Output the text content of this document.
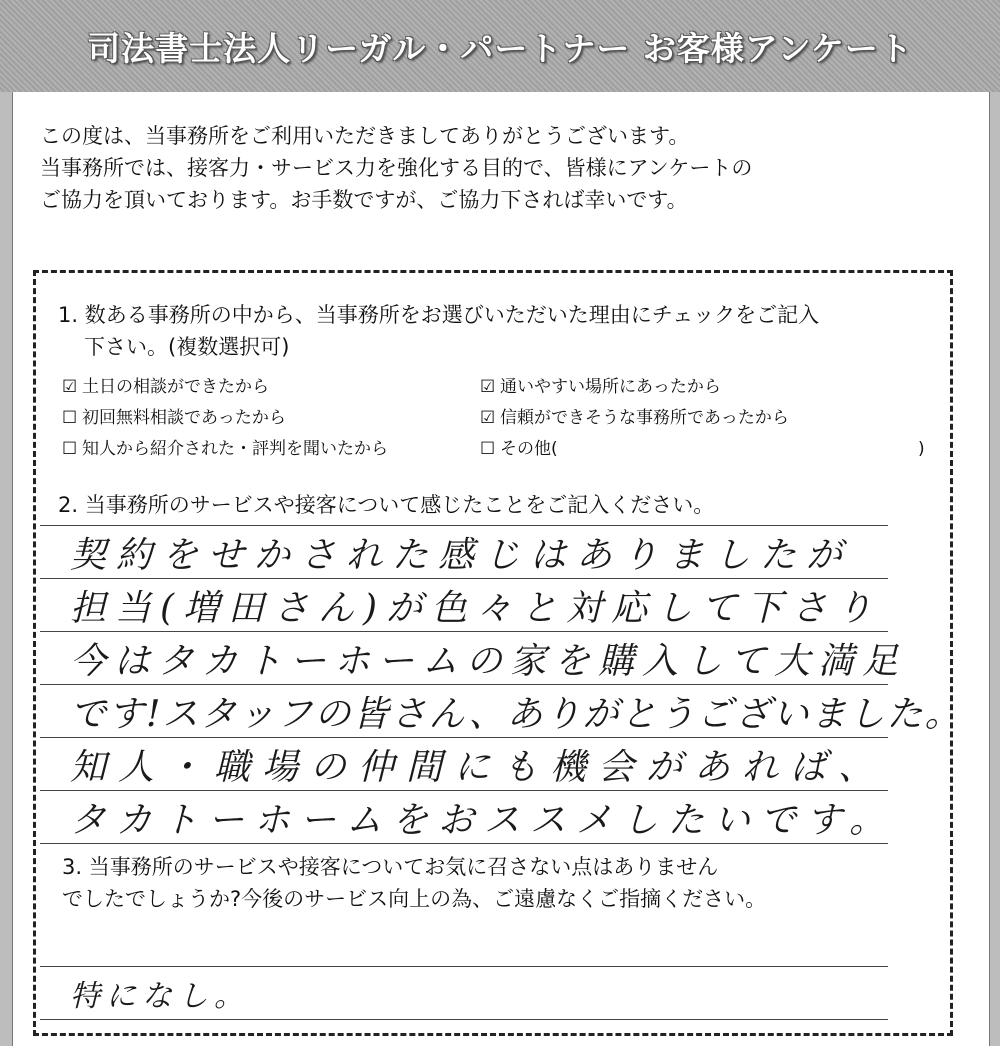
司法書士法人リーガル・パートナー お客様アンケート
この度は、当事務所をご利用いただきましてありがとうございます。
当事務所では、接客力・サービス力を強化する目的で、皆様にアンケートの
ご協力を頂いております。お手数ですが、ご協力下されば幸いです。
1. 数ある事務所の中から、当事務所をお選びいただいた理由にチェックをご記入
下さい。(複数選択可)
☑ 土日の相談ができたから	☑ 通いやすい場所にあったから
☐ 初回無料相談であったから	☑ 信頼ができそうな事務所であったから
☐ 知人から紹介された・評判を聞いたから	☐ その他(	)
2. 当事務所のサービスや接客について感じたことをご記入ください。
契約をせかされた感じはありましたが
担当(増田さん)が色々と対応して下さり
今はタカトーホームの家を購入して大満足
です!スタッフの皆さん、ありがとうございました。
知人・職場の仲間にも機会があれば、
タカトーホームをおススメしたいです。
3. 当事務所のサービスや接客についてお気に召さない点はありません
でしたでしょうか?今後のサービス向上の為、ご遠慮なくご指摘ください。
特になし。
